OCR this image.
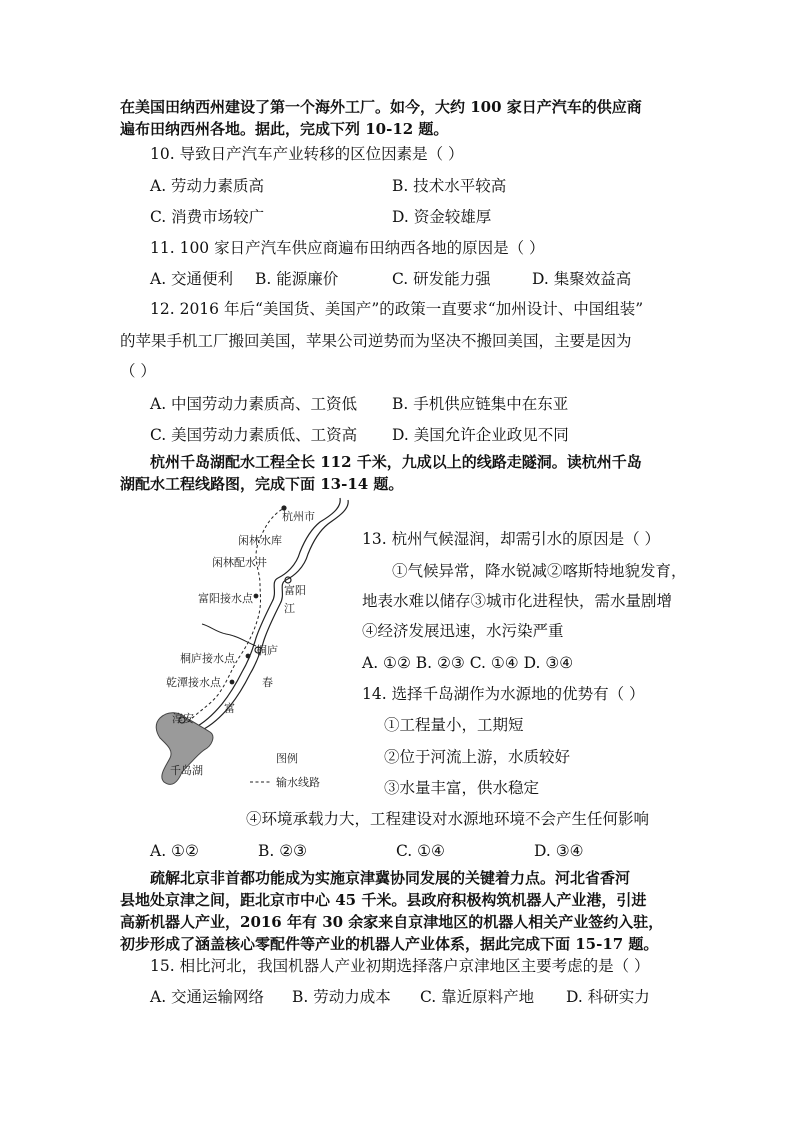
在美国田纳西州建设了第一个海外工厂。如今，大约 100 家日产汽车的供应商
遍布田纳西州各地。据此，完成下列 10-12 题。
10. 导致日产汽车产业转移的区位因素是（ ）
A. 劳动力素质高	B. 技术水平较高
C. 消费市场较广	D. 资金较雄厚
11. 100 家日产汽车供应商遍布田纳西各地的原因是（ ）
A. 交通便利 B. 能源廉价	C. 研发能力强	D. 集聚效益高
12. 2016 年后“美国货、美国产”的政策一直要求“加州设计、中国组装”
的苹果手机工厂搬回美国，苹果公司逆势而为坚决不搬回美国，主要是因为
（ ）
A. 中国劳动力素质高、工资低 B. 手机供应链集中在东亚
C. 美国劳动力素质低、工资高 D. 美国允许企业政见不同
杭州千岛湖配水工程全长 112 千米，九成以上的线路走隧洞。读杭州千岛
湖配水工程线路图，完成下面 13-14 题。
杭州市
闲林水库
闲林配水井
富阳接水点
富阳
江
桐庐接水点
桐庐
乾潭接水点	春
富
淳安
千岛湖
图例
输水线路
13. 杭州气候湿润，却需引水的原因是（ ）
①气候异常，降水锐减②喀斯特地貌发育，
地表水难以储存③城市化进程快，需水量剧增
④经济发展迅速，水污染严重
A. ①② B. ②③ C. ①④ D. ③④
14. 选择千岛湖作为水源地的优势有（ ）
①工程量小，工期短
②位于河流上游，水质较好
③水量丰富，供水稳定
④环境承载力大，工程建设对水源地环境不会产生任何影响
A. ①②	B. ②③	C. ①④	D. ③④
疏解北京非首都功能成为实施京津冀协同发展的关键着力点。河北省香河
县地处京津之间，距北京市中心 45 千米。县政府积极构筑机器人产业港，引进
高新机器人产业，2016 年有 30 余家来自京津地区的机器人相关产业签约入驻，
初步形成了涵盖核心零配件等产业的机器人产业体系，据此完成下面 15-17 题。
15. 相比河北，我国机器人产业初期选择落户京津地区主要考虑的是（ ）
A. 交通运输网络 B. 劳动力成本 C. 靠近原料产地 D. 科研实力
